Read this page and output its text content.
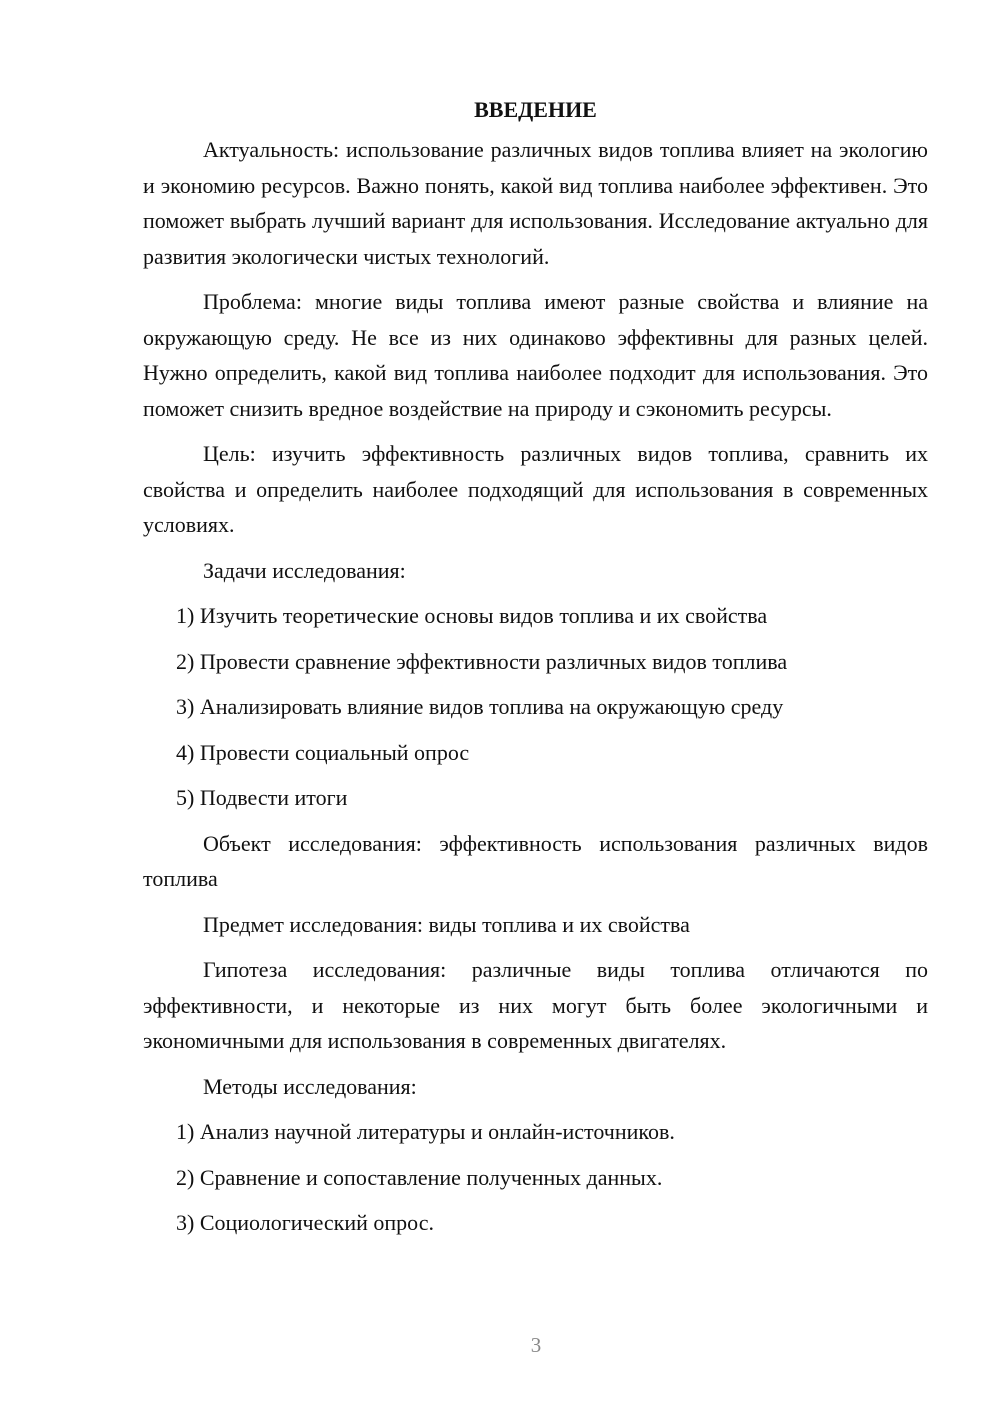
ВВЕДЕНИЕ

Актуальность: использование различных видов топлива влияет на экологию и экономию ресурсов. Важно понять, какой вид топлива наиболее эффективен. Это поможет выбрать лучший вариант для использования. Исследование актуально для развития экологически чистых технологий.

Проблема: многие виды топлива имеют разные свойства и влияние на окружающую среду. Не все из них одинаково эффективны для разных целей. Нужно определить, какой вид топлива наиболее подходит для использования. Это поможет снизить вредное воздействие на природу и сэкономить ресурсы.

Цель: изучить эффективность различных видов топлива, сравнить их свойства и определить наиболее подходящий для использования в современных условиях.

Задачи исследования:

1) Изучить теоретические основы видов топлива и их свойства
2) Провести сравнение эффективности различных видов топлива
3) Анализировать влияние видов топлива на окружающую среду
4) Провести социальный опрос
5) Подвести итоги

Объект исследования: эффективность использования различных видов топлива

Предмет исследования: виды топлива и их свойства

Гипотеза исследования: различные виды топлива отличаются по эффективности, и некоторые из них могут быть более экологичными и экономичными для использования в современных двигателях.

Методы исследования:

1) Анализ научной литературы и онлайн-источников.
2) Сравнение и сопоставление полученных данных.
3) Социологический опрос.
3
